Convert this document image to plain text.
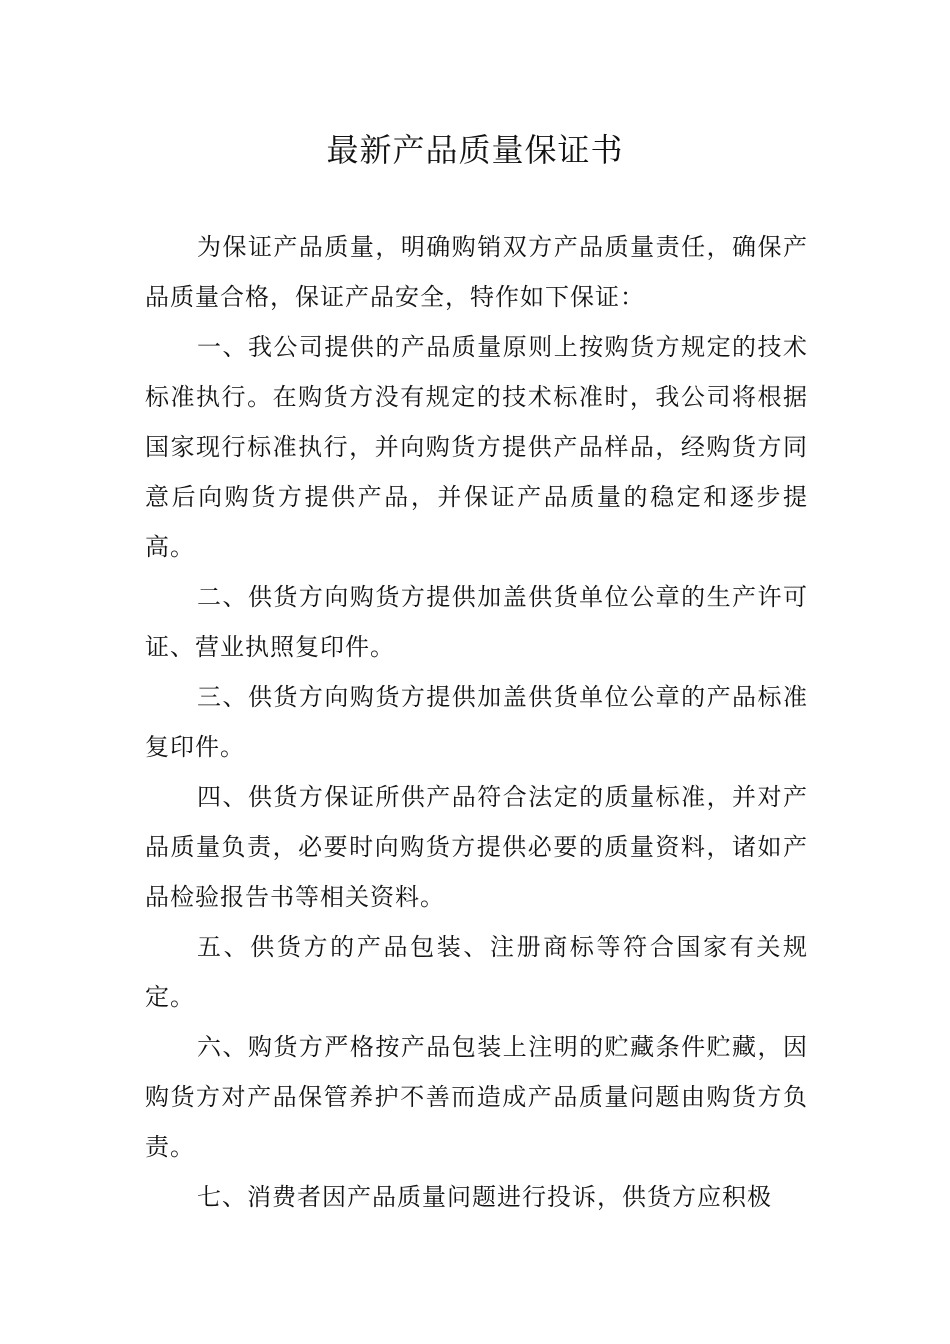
最新产品质量保证书

为保证产品质量，明确购销双方产品质量责任，确保产品质量合格，保证产品安全，特作如下保证：

一、我公司提供的产品质量原则上按购货方规定的技术标准执行。在购货方没有规定的技术标准时，我公司将根据国家现行标准执行，并向购货方提供产品样品，经购货方同意后向购货方提供产品，并保证产品质量的稳定和逐步提高。

二、供货方向购货方提供加盖供货单位公章的生产许可证、营业执照复印件。

三、供货方向购货方提供加盖供货单位公章的产品标准复印件。

四、供货方保证所供产品符合法定的质量标准，并对产品质量负责，必要时向购货方提供必要的质量资料，诸如产品检验报告书等相关资料。

五、供货方的产品包装、注册商标等符合国家有关规定。

六、购货方严格按产品包装上注明的贮藏条件贮藏，因购货方对产品保管养护不善而造成产品质量问题由购货方负责。

七、消费者因产品质量问题进行投诉，供货方应积极
